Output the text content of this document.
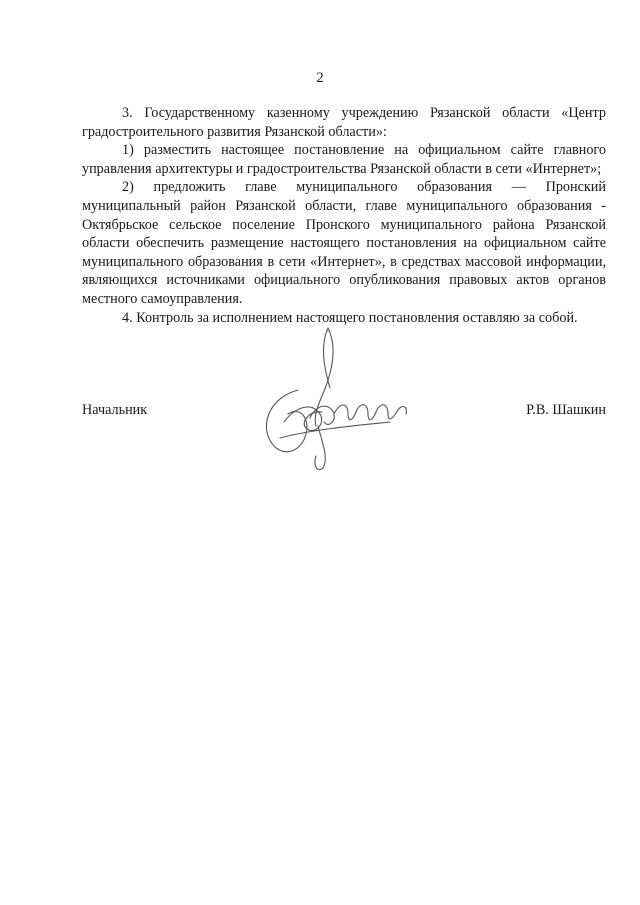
2

3. Государственному казенному учреждению Рязанской области «Центр градостроительного развития Рязанской области»:

1) разместить настоящее постановление на официальном сайте главного управления архитектуры и градостроительства Рязанской области в сети «Интернет»;

2) предложить главе муниципального образования — Пронский муниципальный район Рязанской области, главе муниципального образования - Октябрьское сельское поселение Пронского муниципального района Рязанской области обеспечить размещение настоящего постановления на официальном сайте муниципального образования в сети «Интернет», в средствах массовой информации, являющихся источниками официального опубликования правовых актов органов местного самоуправления.

4. Контроль за исполнением настоящего постановления оставляю за собой.

Начальник	Р.В. Шашкин
